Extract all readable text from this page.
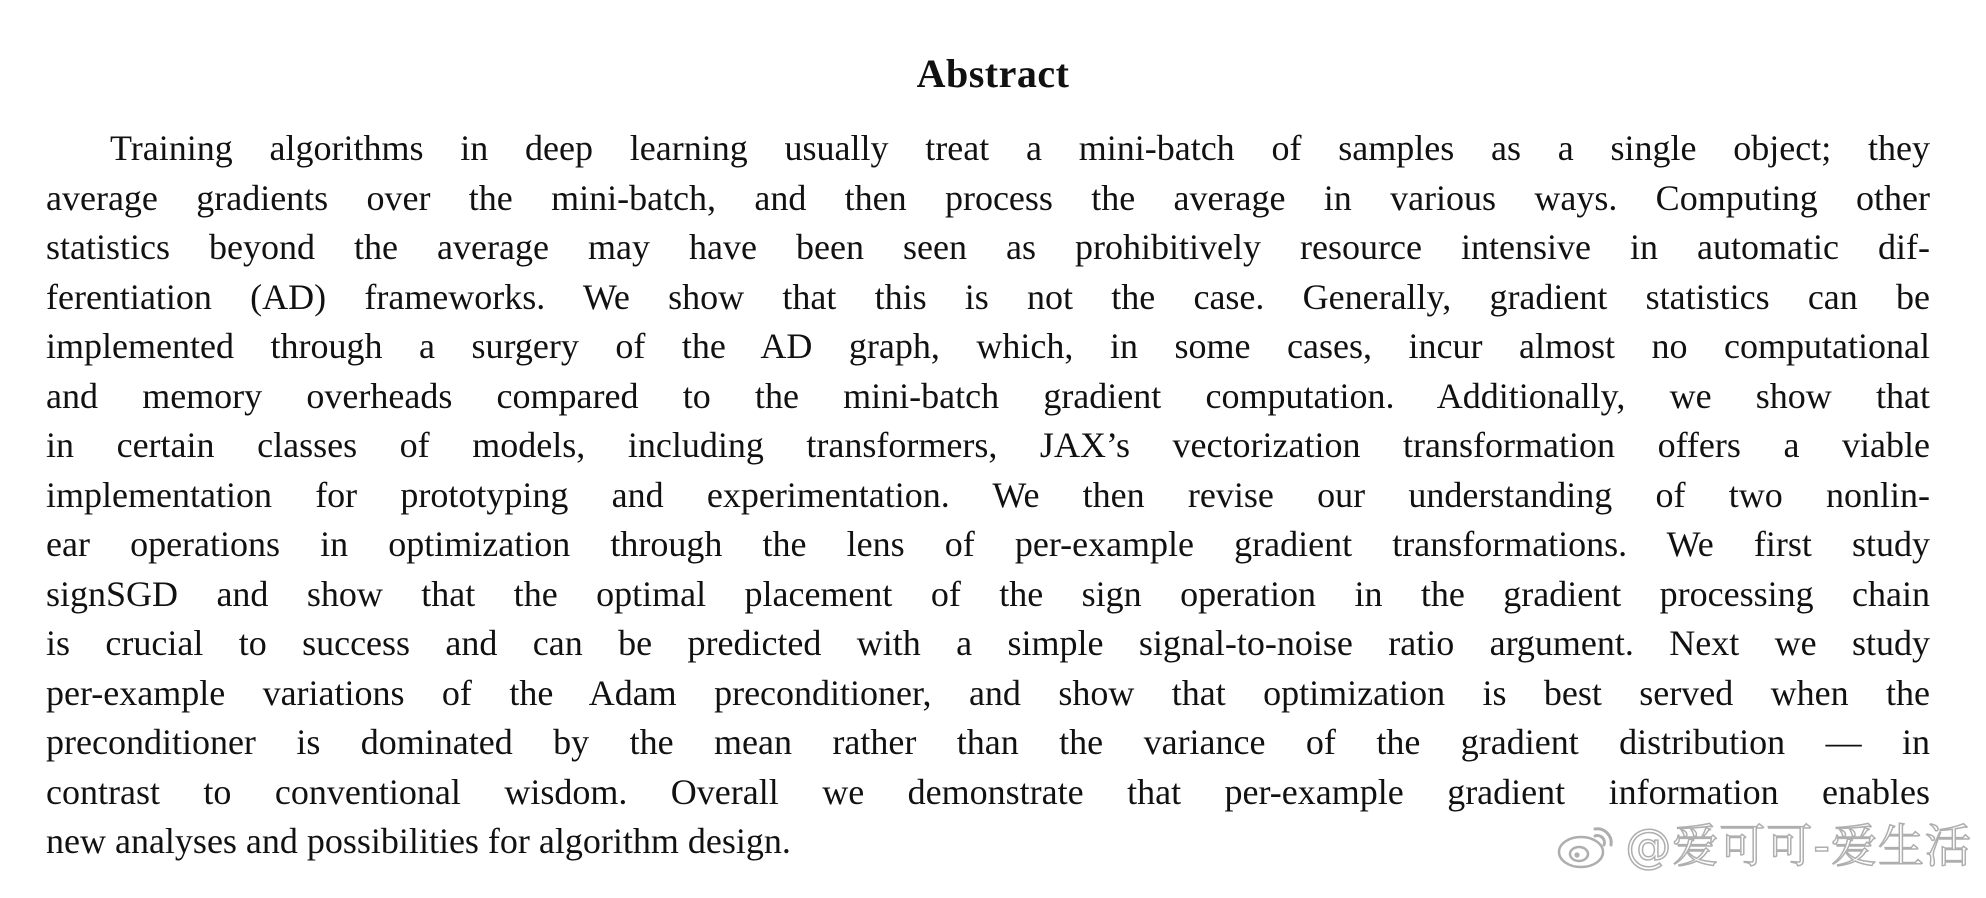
Abstract
Training algorithms in deep learning usually treat a mini-batch of samples as a single object; they
average gradients over the mini-batch, and then process the average in various ways. Computing other
statistics beyond the average may have been seen as prohibitively resource intensive in automatic dif-
ferentiation (AD) frameworks. We show that this is not the case. Generally, gradient statistics can be
implemented through a surgery of the AD graph, which, in some cases, incur almost no computational
and memory overheads compared to the mini-batch gradient computation. Additionally, we show that
in certain classes of models, including transformers, JAX’s vectorization transformation offers a viable
implementation for prototyping and experimentation. We then revise our understanding of two nonlin-
ear operations in optimization through the lens of per-example gradient transformations. We first study
signSGD and show that the optimal placement of the sign operation in the gradient processing chain
is crucial to success and can be predicted with a simple signal-to-noise ratio argument. Next we study
per-example variations of the Adam preconditioner, and show that optimization is best served when the
preconditioner is dominated by the mean rather than the variance of the gradient distribution — in
contrast to conventional wisdom. Overall we demonstrate that per-example gradient information enables
new analyses and possibilities for algorithm design.	@爱可可-爱生活
